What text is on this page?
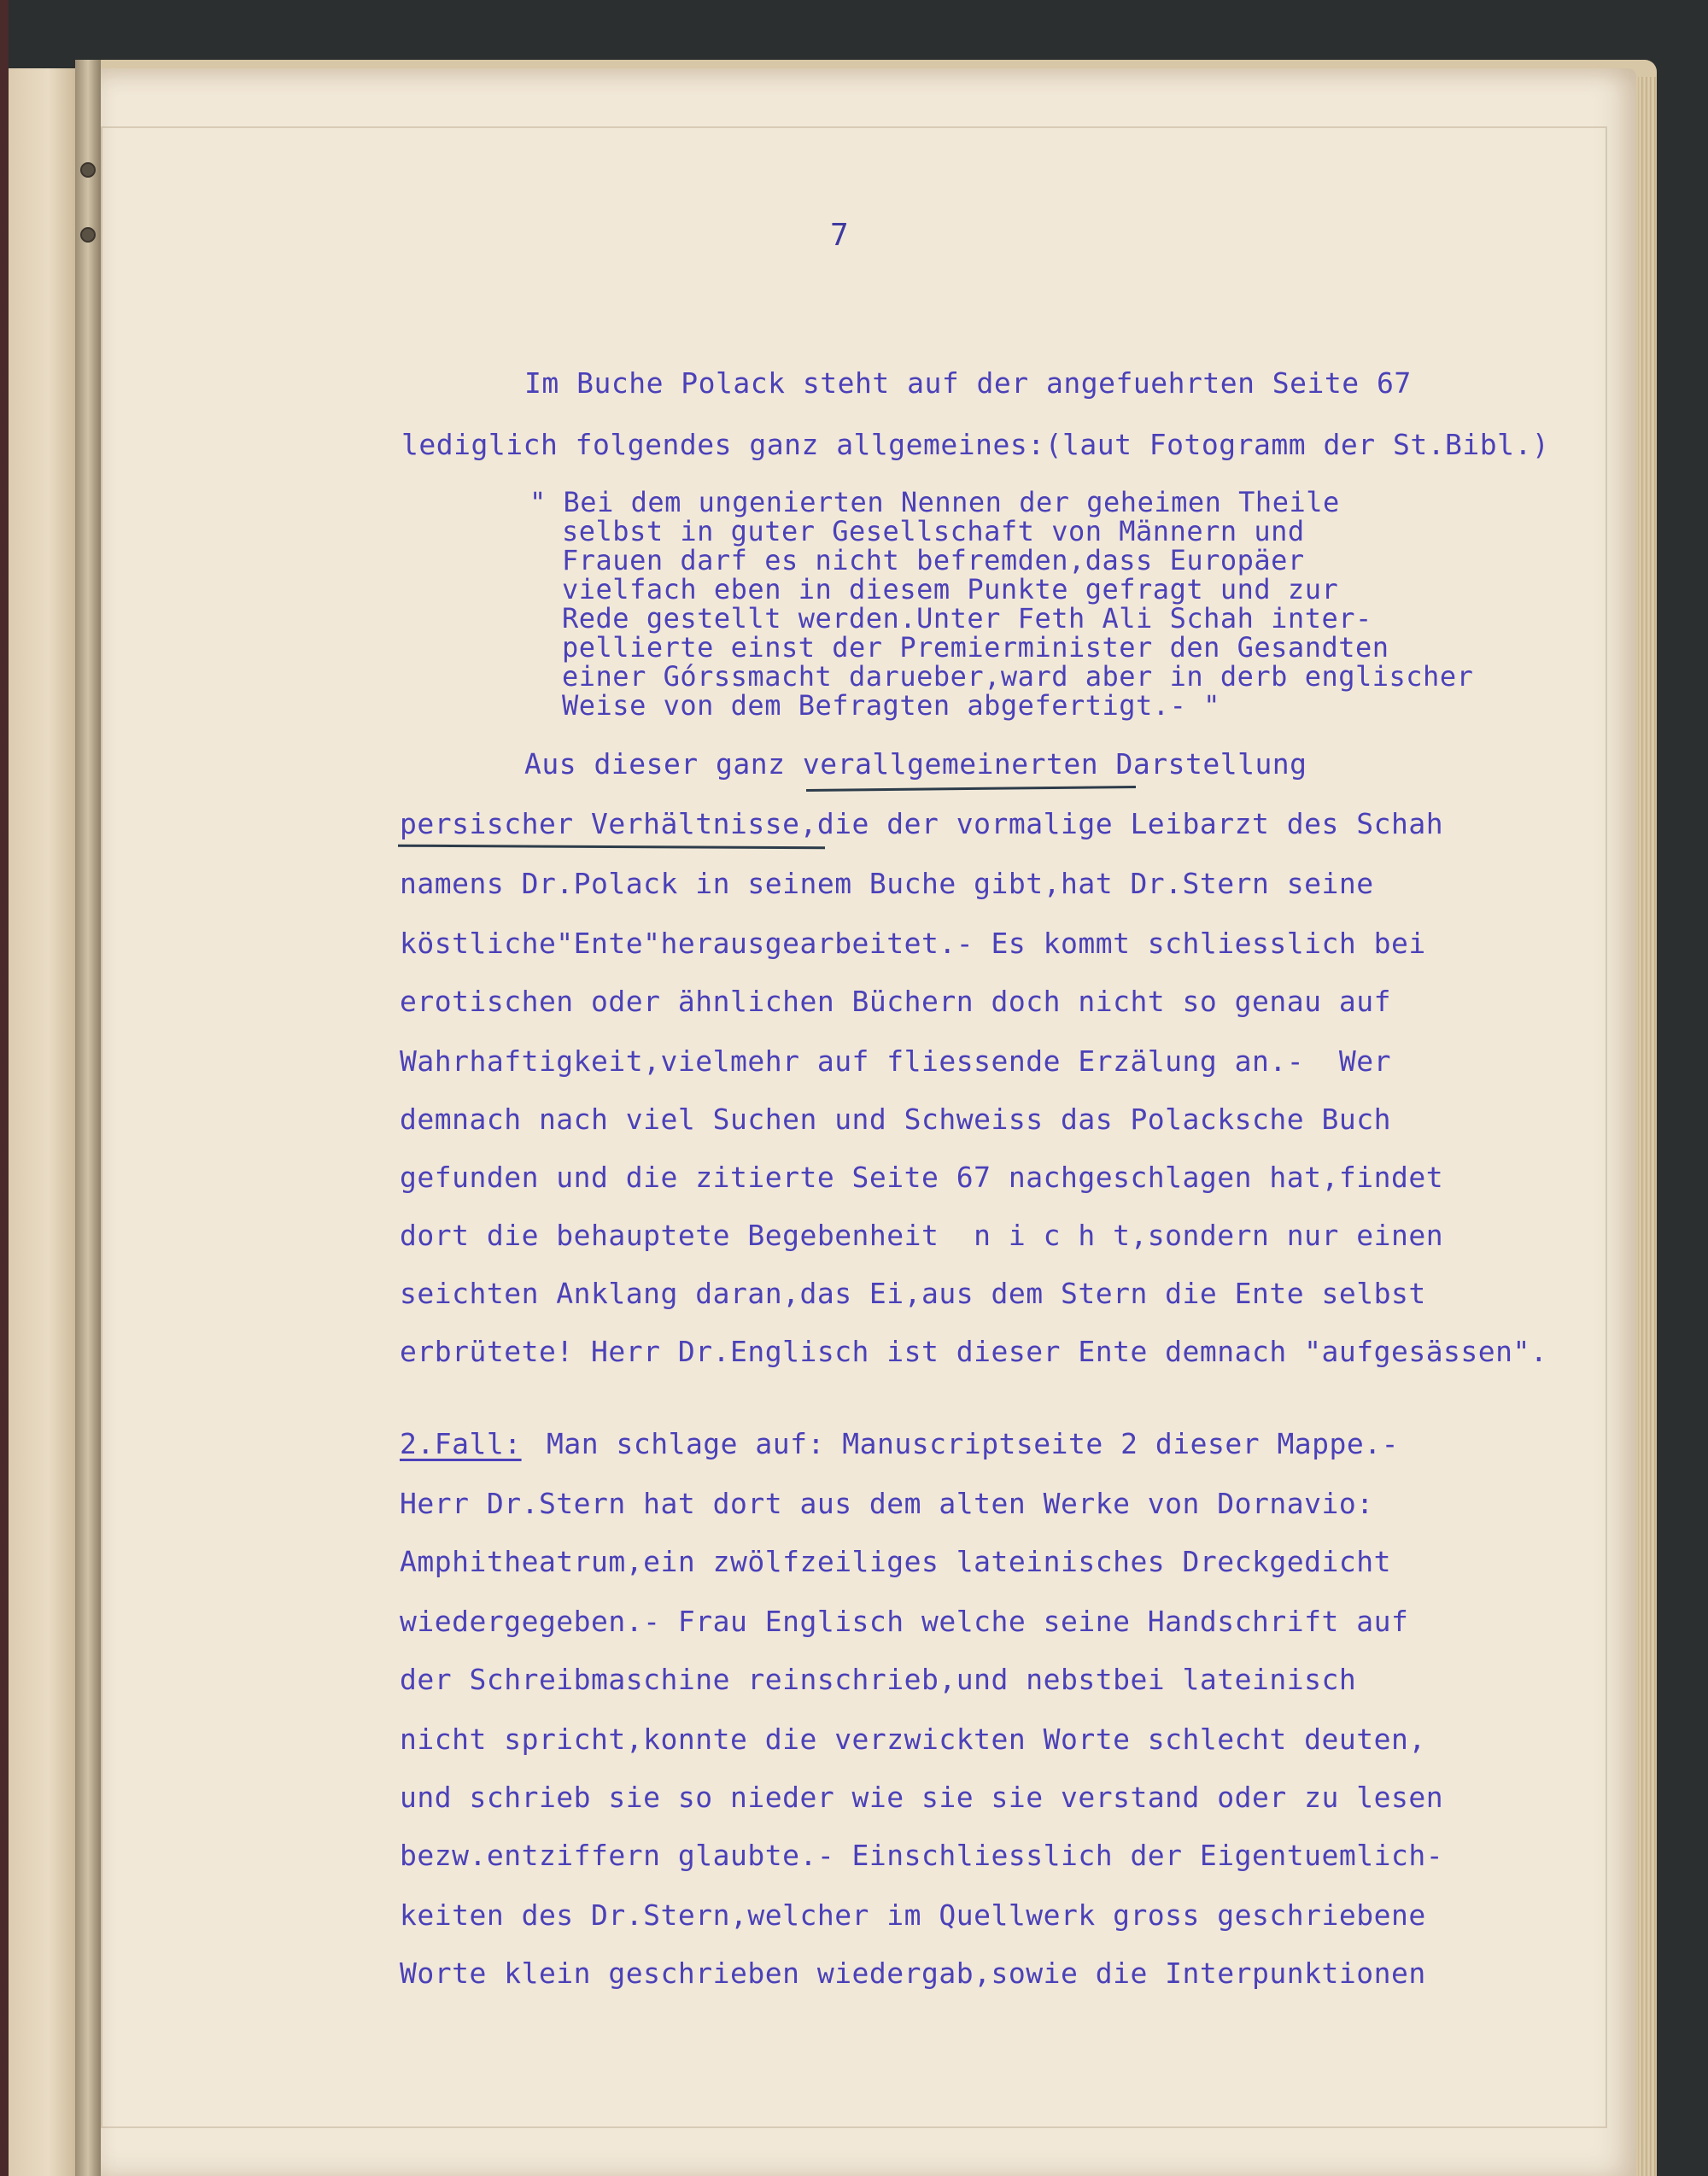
7
Im Buche Polack steht auf der angefuehrten Seite 67
lediglich folgendes ganz allgemeines:(laut Fotogramm der St.Bibl.)
" Bei dem ungenierten Nennen der geheimen Theile
selbst in guter Gesellschaft von Männern und
Frauen darf es nicht befremden,dass Europäer
vielfach eben in diesem Punkte gefragt und zur
Rede gestellt werden.Unter Feth Ali Schah inter-
pellierte einst der Premierminister den Gesandten
einer Górssmacht darueber,ward aber in derb englischer
Weise von dem Befragten abgefertigt.- "
Aus dieser ganz verallgemeinerten Darstellung
persischer Verhältnisse,die der vormalige Leibarzt des Schah
namens Dr.Polack in seinem Buche gibt,hat Dr.Stern seine
köstliche"Ente"herausgearbeitet.- Es kommt schliesslich bei
erotischen oder ähnlichen Büchern doch nicht so genau auf
Wahrhaftigkeit,vielmehr auf fliessende Erzälung an.-  Wer
demnach nach viel Suchen und Schweiss das Polacksche Buch
gefunden und die zitierte Seite 67 nachgeschlagen hat,findet
dort die behauptete Begebenheit  n i c h t,sondern nur einen
seichten Anklang daran,das Ei,aus dem Stern die Ente selbst
erbrütete! Herr Dr.Englisch ist dieser Ente demnach "aufgesässen".
2.Fall: Man schlage auf: Manuscriptseite 2 dieser Mappe.-
Herr Dr.Stern hat dort aus dem alten Werke von Dornavio:
Amphitheatrum,ein zwölfzeiliges lateinisches Dreckgedicht
wiedergegeben.- Frau Englisch welche seine Handschrift auf
der Schreibmaschine reinschrieb,und nebstbei lateinisch
nicht spricht,konnte die verzwickten Worte schlecht deuten,
und schrieb sie so nieder wie sie sie verstand oder zu lesen
bezw.entziffern glaubte.- Einschliesslich der Eigentuemlich-
keiten des Dr.Stern,welcher im Quellwerk gross geschriebene
Worte klein geschrieben wiedergab,sowie die Interpunktionen
